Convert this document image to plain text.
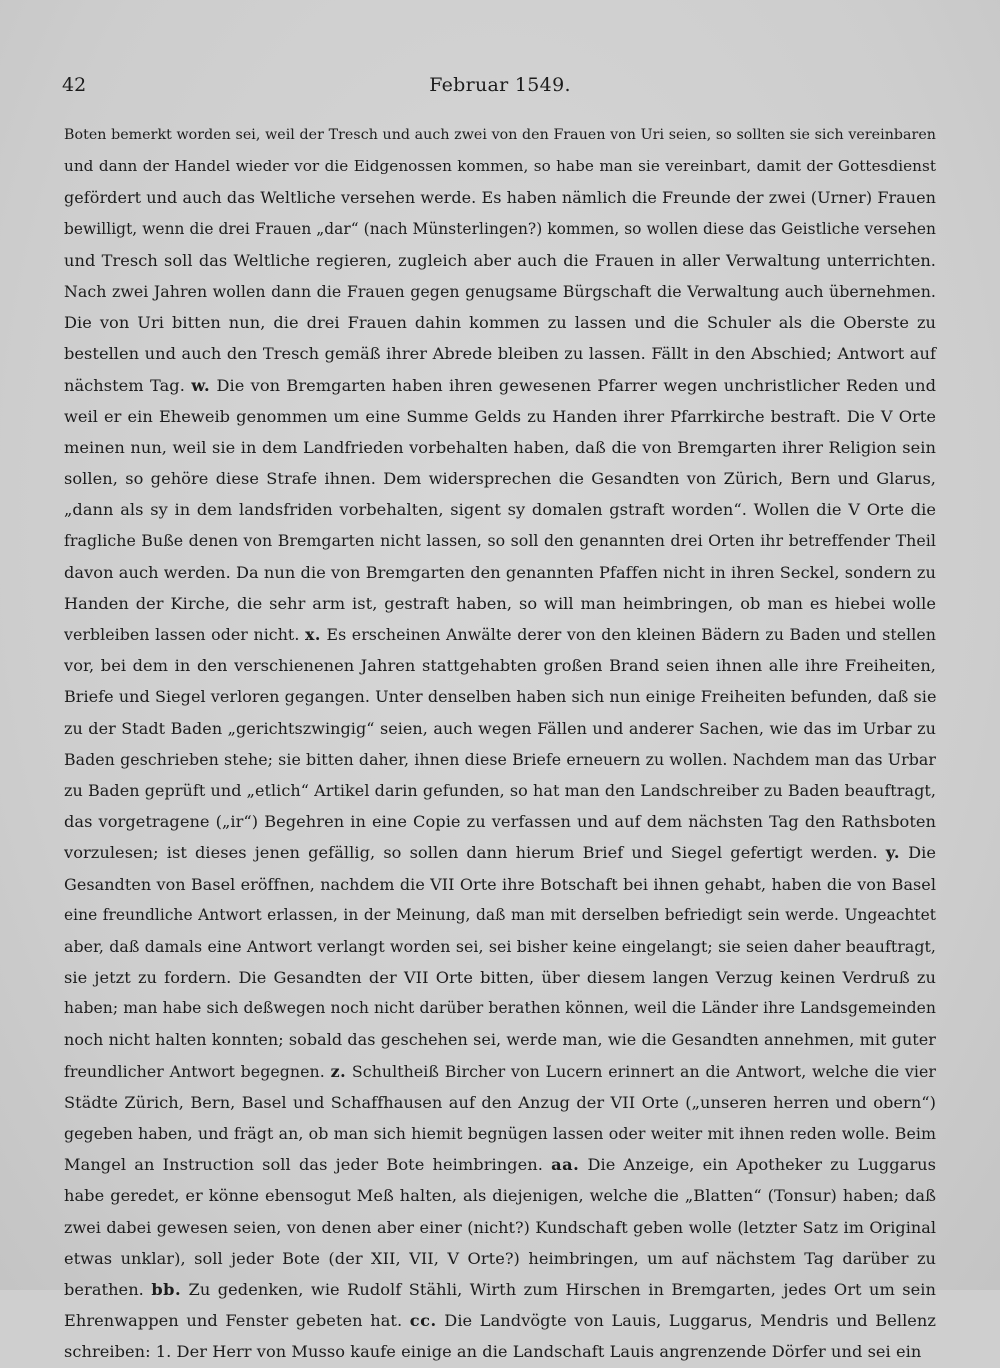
42	Februar 1549.
Boten bemerkt worden sei, weil der Tresch und auch zwei von den Frauen von Uri seien, so sollten sie sich vereinbaren
und dann der Handel wieder vor die Eidgenossen kommen, so habe man sie vereinbart, damit der Gottesdienst
gefördert und auch das Weltliche versehen werde. Es haben nämlich die Freunde der zwei (Urner) Frauen
bewilligt, wenn die drei Frauen „dar“ (nach Münsterlingen?) kommen, so wollen diese das Geistliche versehen
und Tresch soll das Weltliche regieren, zugleich aber auch die Frauen in aller Verwaltung unterrichten.
Nach zwei Jahren wollen dann die Frauen gegen genugsame Bürgschaft die Verwaltung auch übernehmen.
Die von Uri bitten nun, die drei Frauen dahin kommen zu lassen und die Schuler als die Oberste zu
bestellen und auch den Tresch gemäß ihrer Abrede bleiben zu lassen. Fällt in den Abschied; Antwort auf
nächstem Tag. w. Die von Bremgarten haben ihren gewesenen Pfarrer wegen unchristlicher Reden und
weil er ein Eheweib genommen um eine Summe Gelds zu Handen ihrer Pfarrkirche bestraft. Die V Orte
meinen nun, weil sie in dem Landfrieden vorbehalten haben, daß die von Bremgarten ihrer Religion sein
sollen, so gehöre diese Strafe ihnen. Dem widersprechen die Gesandten von Zürich, Bern und Glarus,
„dann als sy in dem landsfriden vorbehalten, sigent sy domalen gstraft worden“. Wollen die V Orte die
fragliche Buße denen von Bremgarten nicht lassen, so soll den genannten drei Orten ihr betreffender Theil
davon auch werden. Da nun die von Bremgarten den genannten Pfaffen nicht in ihren Seckel, sondern zu
Handen der Kirche, die sehr arm ist, gestraft haben, so will man heimbringen, ob man es hiebei wolle
verbleiben lassen oder nicht. x. Es erscheinen Anwälte derer von den kleinen Bädern zu Baden und stellen
vor, bei dem in den verschienenen Jahren stattgehabten großen Brand seien ihnen alle ihre Freiheiten,
Briefe und Siegel verloren gegangen. Unter denselben haben sich nun einige Freiheiten befunden, daß sie
zu der Stadt Baden „gerichtszwingig“ seien, auch wegen Fällen und anderer Sachen, wie das im Urbar zu
Baden geschrieben stehe; sie bitten daher, ihnen diese Briefe erneuern zu wollen. Nachdem man das Urbar
zu Baden geprüft und „etlich“ Artikel darin gefunden, so hat man den Landschreiber zu Baden beauftragt,
das vorgetragene („ir“) Begehren in eine Copie zu verfassen und auf dem nächsten Tag den Rathsboten
vorzulesen; ist dieses jenen gefällig, so sollen dann hierum Brief und Siegel gefertigt werden. y. Die
Gesandten von Basel eröffnen, nachdem die VII Orte ihre Botschaft bei ihnen gehabt, haben die von Basel
eine freundliche Antwort erlassen, in der Meinung, daß man mit derselben befriedigt sein werde. Ungeachtet
aber, daß damals eine Antwort verlangt worden sei, sei bisher keine eingelangt; sie seien daher beauftragt,
sie jetzt zu fordern. Die Gesandten der VII Orte bitten, über diesem langen Verzug keinen Verdruß zu
haben; man habe sich deßwegen noch nicht darüber berathen können, weil die Länder ihre Landsgemeinden
noch nicht halten konnten; sobald das geschehen sei, werde man, wie die Gesandten annehmen, mit guter
freundlicher Antwort begegnen. z. Schultheiß Bircher von Lucern erinnert an die Antwort, welche die vier
Städte Zürich, Bern, Basel und Schaffhausen auf den Anzug der VII Orte („unseren herren und obern“)
gegeben haben, und frägt an, ob man sich hiemit begnügen lassen oder weiter mit ihnen reden wolle. Beim
Mangel an Instruction soll das jeder Bote heimbringen. aa. Die Anzeige, ein Apotheker zu Luggarus
habe geredet, er könne ebensogut Meß halten, als diejenigen, welche die „Blatten“ (Tonsur) haben; daß
zwei dabei gewesen seien, von denen aber einer (nicht?) Kundschaft geben wolle (letzter Satz im Original
etwas unklar), soll jeder Bote (der XII, VII, V Orte?) heimbringen, um auf nächstem Tag darüber zu
berathen. bb. Zu gedenken, wie Rudolf Stähli, Wirth zum Hirschen in Bremgarten, jedes Ort um sein
Ehrenwappen und Fenster gebeten hat. cc. Die Landvögte von Lauis, Luggarus, Mendris und Bellenz
schreiben: 1. Der Herr von Musso kaufe einige an die Landschaft Lauis angrenzende Dörfer und sei ein
